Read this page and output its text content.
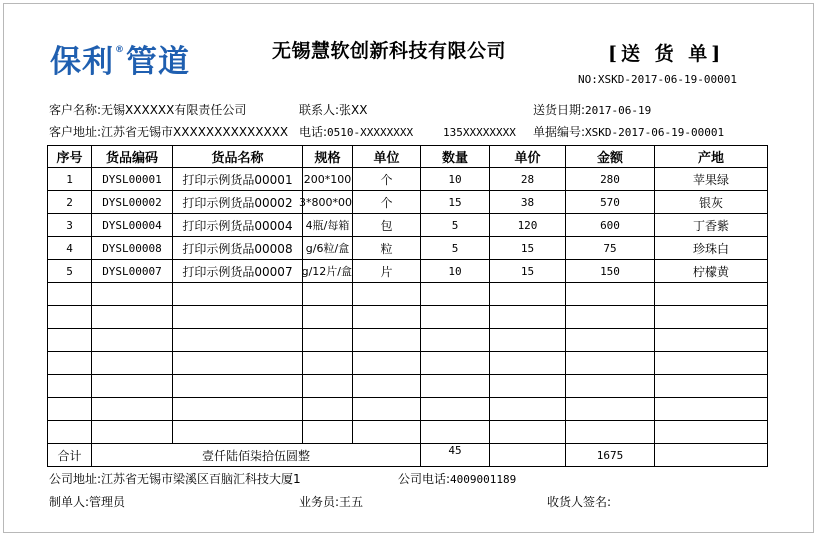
保利 ® 管道	无锡慧软创新科技有限公司	[送 货 单]
NO:XSKD-2017-06-19-00001
客户名称:无锡XXXXXX有限责任公司	联系人:张XX	送货日期:2017-06-19
客户地址:江苏省无锡市XXXXXXXXXXXXXX 电话:0510-XXXXXXXX	135XXXXXXXX 单据编号:XSKD-2017-06-19-00001
序号	货品编码	货品名称	规格	单位	数量	单价	金额	产地
1	DYSL00001	打印示例货品00001	100*200	个	10	28	280	苹果绿
2	DYSL00002	打印示例货品00002	00*800*3	个	15	38	570	银灰
3	DYSL00004	打印示例货品00004	4瓶/每箱	包	5	120	600	丁香紫
4	DYSL00008	打印示例货品00008	g/6粒/盒	粒	5	15	75	珍珠白
5	DYSL00007	打印示例货品00007	g/12片/盒	片	10	15	150	柠檬黄

合计	壹仟陆佰柒拾伍圆整				45		1675	
公司地址:江苏省无锡市梁溪区百脑汇科技大厦1	公司电话:4009001189
制单人:管理员	业务员:王五	收货人签名:
